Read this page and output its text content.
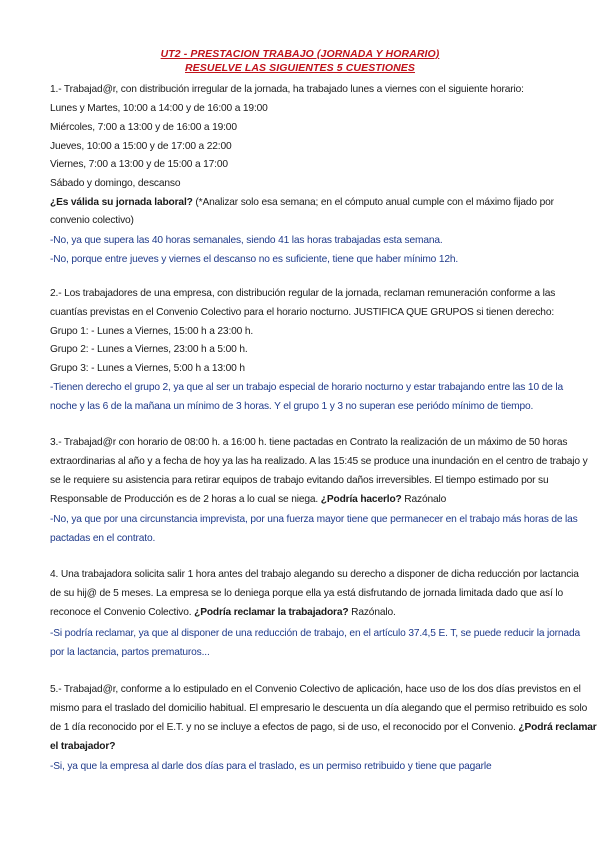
UT2 - PRESTACION TRABAJO (JORNADA Y HORARIO)
RESUELVE LAS SIGUIENTES 5 CUESTIONES
1.- Trabajad@r, con distribución irregular de la jornada, ha trabajado lunes a viernes con el siguiente horario:
Lunes y Martes, 10:00 a 14:00 y de 16:00 a 19:00
Miércoles, 7:00 a 13:00 y de 16:00 a 19:00
Jueves, 10:00 a 15:00 y de 17:00 a 22:00
Viernes, 7:00 a 13:00 y de 15:00 a 17:00
Sábado y domingo, descanso
¿Es válida su jornada laboral? (*Analizar solo esa semana; en el cómputo anual cumple con el máximo fijado por
convenio colectivo)
-No, ya que supera las 40 horas semanales, siendo 41 las horas trabajadas esta semana.
-No, porque entre jueves y viernes el descanso no es suficiente, tiene que haber mínimo 12h.
2.- Los trabajadores de una empresa, con distribución regular de la jornada, reclaman remuneración conforme a las
cuantías previstas en el Convenio Colectivo para el horario nocturno. JUSTIFICA QUE GRUPOS si tienen derecho:
Grupo 1: - Lunes a Viernes, 15:00 h a 23:00 h.
Grupo 2: - Lunes a Viernes, 23:00 h a 5:00 h.
Grupo 3: - Lunes a Viernes, 5:00 h a 13:00 h
-Tienen derecho el grupo 2, ya que al ser un trabajo especial de horario nocturno y estar trabajando entre las 10 de la
noche y las 6 de la mañana un mínimo de 3 horas. Y el grupo 1 y 3 no superan ese periódo mínimo de tiempo.
3.- Trabajad@r con horario de 08:00 h. a 16:00 h. tiene pactadas en Contrato la realización de un máximo de 50 horas
extraordinarias al año y a fecha de hoy ya las ha realizado. A las 15:45 se produce una inundación en el centro de trabajo y
se le requiere su asistencia para retirar equipos de trabajo evitando daños irreversibles. El tiempo estimado por su
Responsable de Producción es de 2 horas a lo cual se niega. ¿Podría hacerlo? Razónalo
-No, ya que por una circunstancia imprevista, por una fuerza mayor tiene que permanecer en el trabajo más horas de las
pactadas en el contrato.
4. Una trabajadora solicita salir 1 hora antes del trabajo alegando su derecho a disponer de dicha reducción por lactancia
de su hij@ de 5 meses. La empresa se lo deniega porque ella ya está disfrutando de jornada limitada dado que así lo
reconoce el Convenio Colectivo. ¿Podría reclamar la trabajadora? Razónalo.
-Si podría reclamar, ya que al disponer de una reducción de trabajo, en el artículo 37.4,5 E. T, se puede reducir la jornada
por la lactancia, partos prematuros...
5.- Trabajad@r, conforme a lo estipulado en el Convenio Colectivo de aplicación, hace uso de los dos días previstos en el
mismo para el traslado del domicilio habitual. El empresario le descuenta un día alegando que el permiso retribuido es solo
de 1 día reconocido por el E.T. y no se incluye a efectos de pago, si de uso, el reconocido por el Convenio. ¿Podrá reclamar
el trabajador?
-Si, ya que la empresa al darle dos días para el traslado, es un permiso retribuido y tiene que pagarle
